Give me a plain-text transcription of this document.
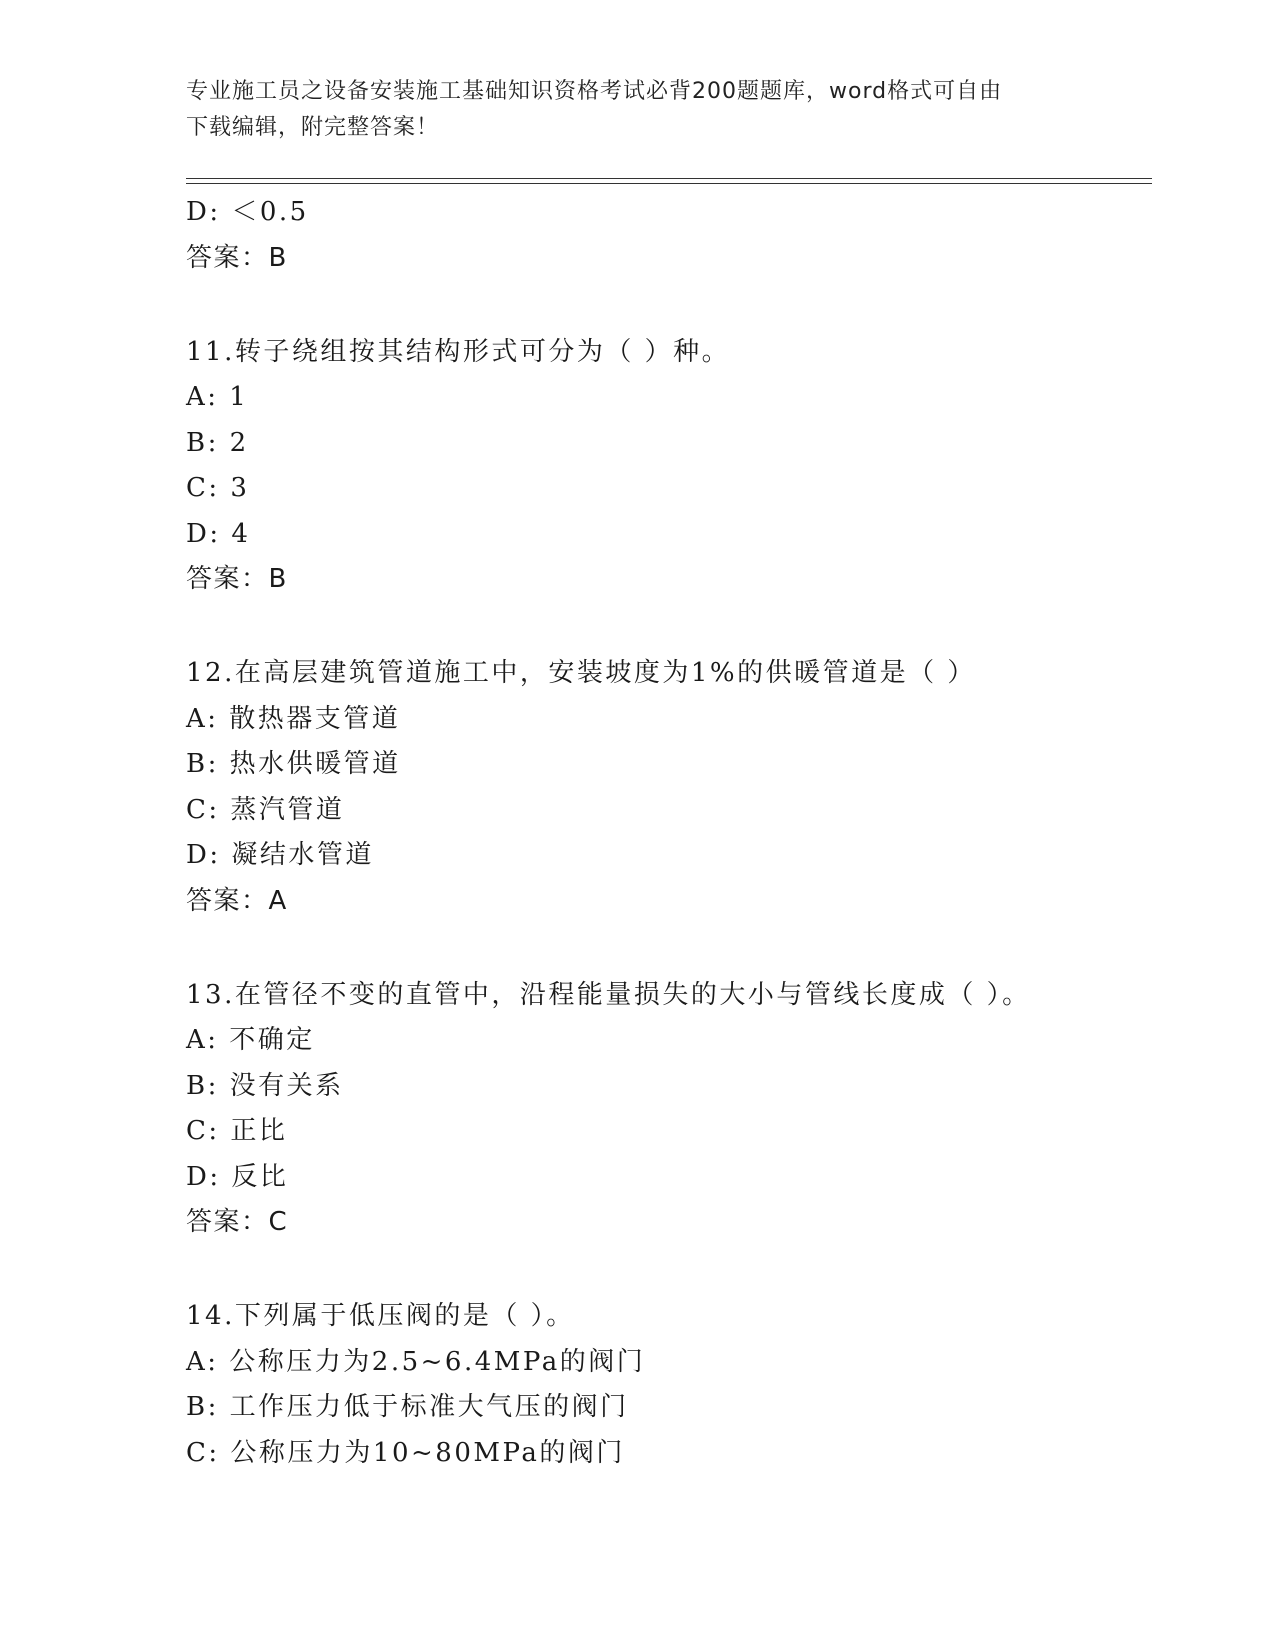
专业施工员之设备安装施工基础知识资格考试必背200题题库，word格式可自由
下载编辑，附完整答案！
D: ＜0.5
答案：B
11.转子绕组按其结构形式可分为（ ）种。
A: 1
B: 2
C: 3
D: 4
答案：B
12.在高层建筑管道施工中，安装坡度为1%的供暖管道是（ ）
A: 散热器支管道
B: 热水供暖管道
C: 蒸汽管道
D: 凝结水管道
答案：A
13.在管径不变的直管中，沿程能量损失的大小与管线长度成（ ）。
A: 不确定
B: 没有关系
C: 正比
D: 反比
答案：C
14.下列属于低压阀的是（ ）。
A: 公称压力为2.5~6.4MPa的阀门
B: 工作压力低于标准大气压的阀门
C: 公称压力为10~80MPa的阀门
